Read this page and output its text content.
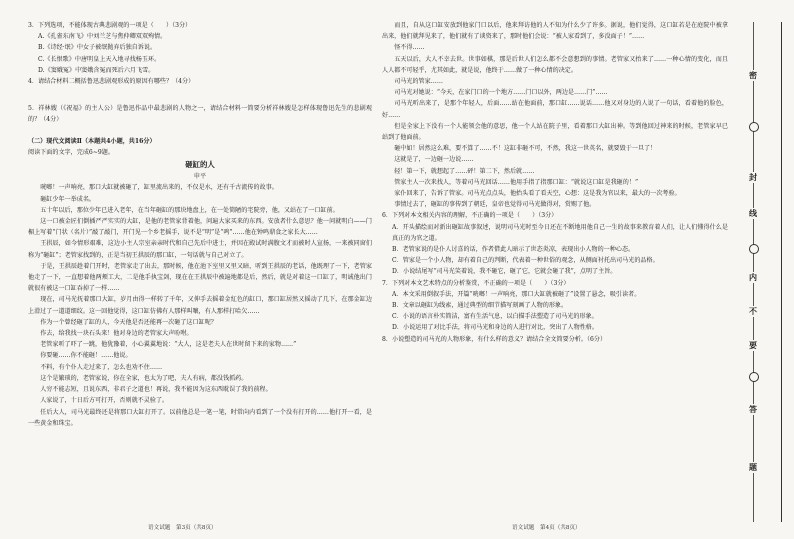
3．下列选项，不能体现古典悲剧观的一项是（　　）（3分）

A.《孔雀东南飞》中刘兰芝与焦仲卿双双殉情。

B.《诗经·氓》中女子被氓抛弃后独自诉说。

C.《长恨歌》中唐明皇上天入地寻找杨玉环。

D.《窦娥冤》中窦娥含冤而死后六月飞雪。

4．请结合材料二概括鲁迅悲剧观形成的原因有哪些？（4分）

5．祥林嫂（《祝福》的主人公）是鲁迅作品中最悲剧的人物之一，请结合材料一简要分析祥林嫂是怎样体现鲁迅先生的悲剧观的？（4分）

（二）现代文阅读Ⅱ（本题共4小题，共16分）

阅读下面的文字，完成6~9题。

砸缸的人

申平

咣啷！一声响亮，那口大缸就被砸了，缸里流出来的，不仅是水，还有千古流传的故事。

砸缸少年一举成名。

五十年以后，那位少年已进入老年，在当年砸缸的那块地盘上，在一处简陋的宅院旁，他，又站在了一口缸前。

这一口被金匠们倒插严严实实的大缸，是他的老管家背着他，问遍大家买来的东西。安放者什么意思？他一问就明白——门楣上写着“门状（名片）”敲了敲门，开门见一个乡老摇手，说不是“明”是“鸣”……他在钟鸣鼎食之家长大……

王拱辰，如今情形艰难，这边小主人宗室亲亲时代和自己先后中进士，并因在殿试时满腹文才而被时人宣扬，一来被同窗们称为“砸缸”；老管家找到的，正是当初王拱辰的那口缸，一句话就与自己对立了。

于是，王拱辰趁着门开时，老管家走了出去，那时候，他在池下室里又里又暗，听到王拱辰的老话，他既理了一下，老管家他走了一下，一直想着他两颊工大，二是他手执宝剑，现在在王拱辰中被遍地都是后，然后，就是对着这一口缸了，明诚他出门就很有被这一口缸吞掉了一样……

现在，司马光抚着那口大缸，岁月由得一样转了千年，又伸手去摇着金紅色的缸口，那口缸居然又摇动了几下，在那金缸边上滑过了一道道细纹。这一回他觉得，这口缸仿佛有人那样叫嚷，有人那样打哈欠……

作为一个曾经砸了缸的人，今天他是否还能再一次砸了这口缸呢？

作去，给我找一块石头来！他对身边的老管家大声吩咐。

老管家听了吓了一跳，他犹豫着，小心翼翼地说：“大人，这是老夫人在世时留下来的家物……”

你要砸……你不能砸！……他说。

不料，有个仆人走过来了，怎么也劝不住……

这个是繁琐的，老管家说，你在全家，也太为了吧，夫人有病，都没钱抓药。

人穷不能志短，且说东西，非君子之道也！再说，我不能因为这东西耽误了我的前程。

人家说了，十日后方可打开，否则就不灵验了。

任后大人，司马光最终还是将那口大缸打开了。以前他总是一笔一笔，时常向内看到了一个没有打开的……他打开一看，是一些黄金和珠宝。

而且，自从这口缸安放到他家门口以后，他来拜访他的人不知为什么少了许多。据说，他们觉得，这口缸若是在庭院中被拿出来，他们就拜见来了，他们就有了谈资来了，那时他们会说：“被人家看到了，多没面子！”……

怪不得……

五天以后，大人不幸去世。世事如棋，那是后世人们怎么都不会意想到的事情。老管家又抬来了……一种心情的变化，而且人人都不可轻乎，尤其如此，就是说，他终于……做了一种心情的决定。

司马光的管家……

司马光对她说：“今天，在家门口的一个地方……门口以外，两边是……门”……

司马光听出来了，是那个年轻人，后面……站在他面前，那口缸……说话……他又对身边的人说了一句话，看着他的脸色，好……

但是全家上下没有一个人能领会他的意思，他一个人站在院子里，看着那口大缸出神。等到他回过神来的时候，老管家早已站到了他面前。

砸中如！居然这么难，要不算了……不！这缸非砸不可，不然，我这一世英名，就要毁于一旦了！

这就是了，一边砸一边说……

轻！第一下，就想起了……砰！第二下，然后就……

管家主人一次来找人，等着司马光回话……他用手指了指那口缸：“就说这口缸是我砸的！”

家仆回来了，告诉了管家。司马光点点头，他抬头看了看天空，心想：这是我为官以来，最大的一次考验。

事情过去了，砸缸的事传到了朝廷，皇帝也觉得司马光做得对，赏赐了他。

6．下列对本文相关内容的理解，不正确的一项是（　　）（3分）

A．开头描绘而对新出砸缸故事叙述，说明司马光时至今日还在不断地用他自己一生的故事来教育着人们，让人们懂得什么是真正的为官之道。

B．老管家说的是仆人讨喜的话，作者借此人暗示了世态炎凉，表现出小人物的一种心态。

C．管家是一个小人物，却有着自己的判断，代表着一种世俗的观念，从侧面衬托出司马光的品格。

D．小说结尾写“司马光笑着说，我不砸它，砸了它，它就会砸了我”，点明了主旨。

7．下列对本文艺术特点的分析鉴赏，不正确的一项是（　　）（3分）

A．本文采用倒叙手法，开篇“咣啷！一声响亮，那口大缸就被砸了”设置了悬念，吸引读者。

B．文章以砸缸为线索，通过典型的细节描写刻画了人物的形象。

C．小说的语言朴实简洁，富有生活气息，以白描手法塑造了司马光的形象。

D．小说运用了对比手法，将司马光和身边的人进行对比，突出了人物性格。

8．小说塑造的司马光的人物形象，有什么样的意义？请结合全文简要分析。（6分）

语文试题　第3页（共8页）	语文试题　第4页（共8页）
密
封
线
内
不
要
答
题
